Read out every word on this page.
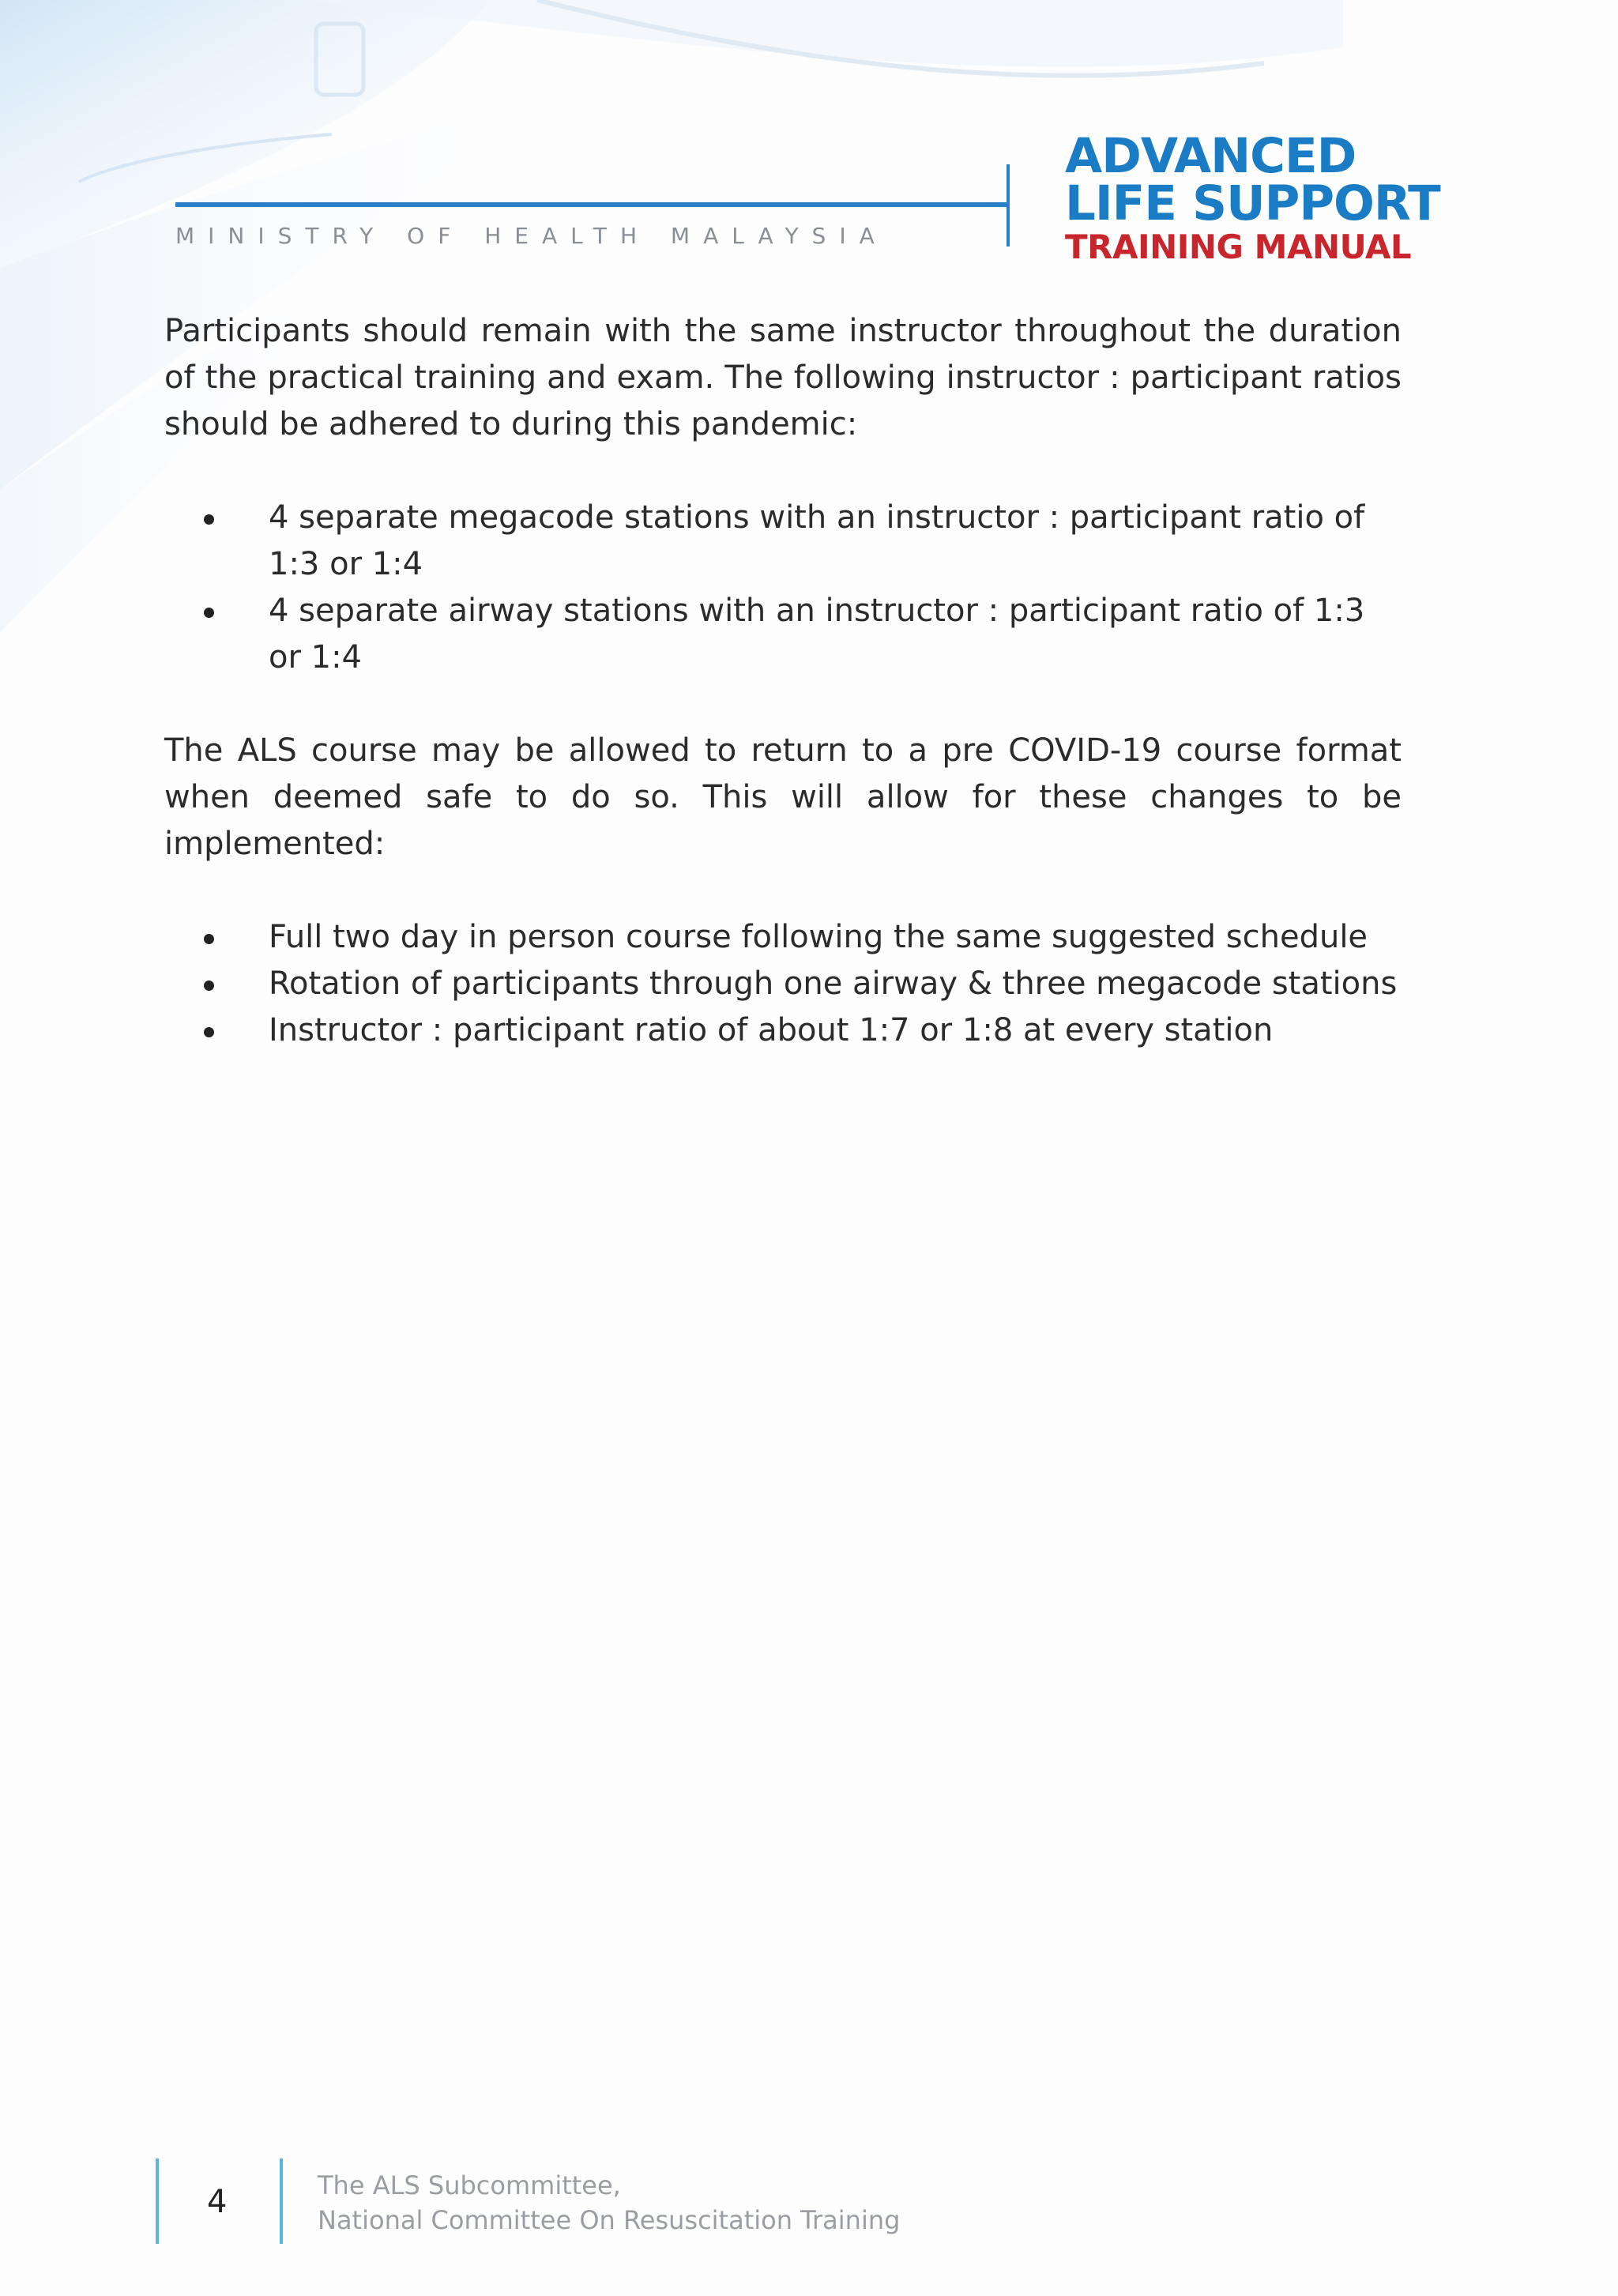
MINISTRY OF HEALTH MALAYSIA
ADVANCED
LIFE SUPPORT
TRAINING MANUAL

Participants should remain with the same instructor throughout the duration of the practical training and exam. The following instructor : participant ratios should be adhered to during this pandemic:

4 separate megacode stations with an instructor : participant ratio of 1:3 or 1:4
4 separate airway stations with an instructor : participant ratio of 1:3 or 1:4

The ALS course may be allowed to return to a pre COVID-19 course format when deemed safe to do so. This will allow for these changes to be implemented:

Full two day in person course following the same suggested schedule
Rotation of participants through one airway & three megacode stations
Instructor : participant ratio of about 1:7 or 1:8 at every station
4	The ALS Subcommittee,
National Committee On Resuscitation Training
